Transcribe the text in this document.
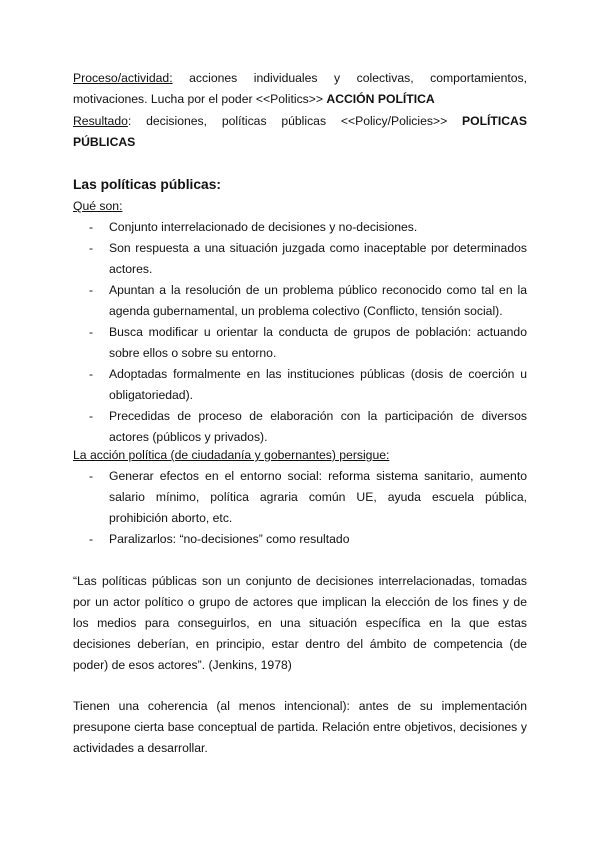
Proceso/actividad: acciones individuales y colectivas, comportamientos, motivaciones. Lucha por el poder <<Politics>> ACCIÓN POLÍTICA

Resultado: decisiones, políticas públicas <<Policy/Policies>> POLÍTICAS PÚBLICAS

Las políticas públicas:

Qué son:

- Conjunto interrelacionado de decisiones y no-decisiones.
- Son respuesta a una situación juzgada como inaceptable por determinados actores.
- Apuntan a la resolución de un problema público reconocido como tal en la agenda gubernamental, un problema colectivo (Conflicto, tensión social).
- Busca modificar u orientar la conducta de grupos de población: actuando sobre ellos o sobre su entorno.
- Adoptadas formalmente en las instituciones públicas (dosis de coerción u obligatoriedad).
- Precedidas de proceso de elaboración con la participación de diversos actores (públicos y privados).

La acción política (de ciudadanía y gobernantes) persigue:

- Generar efectos en el entorno social: reforma sistema sanitario, aumento salario mínimo, política agraria común UE, ayuda escuela pública, prohibición aborto, etc.
- Paralizarlos: “no-decisiones” como resultado

“Las políticas públicas son un conjunto de decisiones interrelacionadas, tomadas por un actor político o grupo de actores que implican la elección de los fines y de los medios para conseguirlos, en una situación específica en la que estas decisiones deberían, en principio, estar dentro del ámbito de competencia (de poder) de esos actores”. (Jenkins, 1978)

Tienen una coherencia (al menos intencional): antes de su implementación presupone cierta base conceptual de partida. Relación entre objetivos, decisiones y actividades a desarrollar.
